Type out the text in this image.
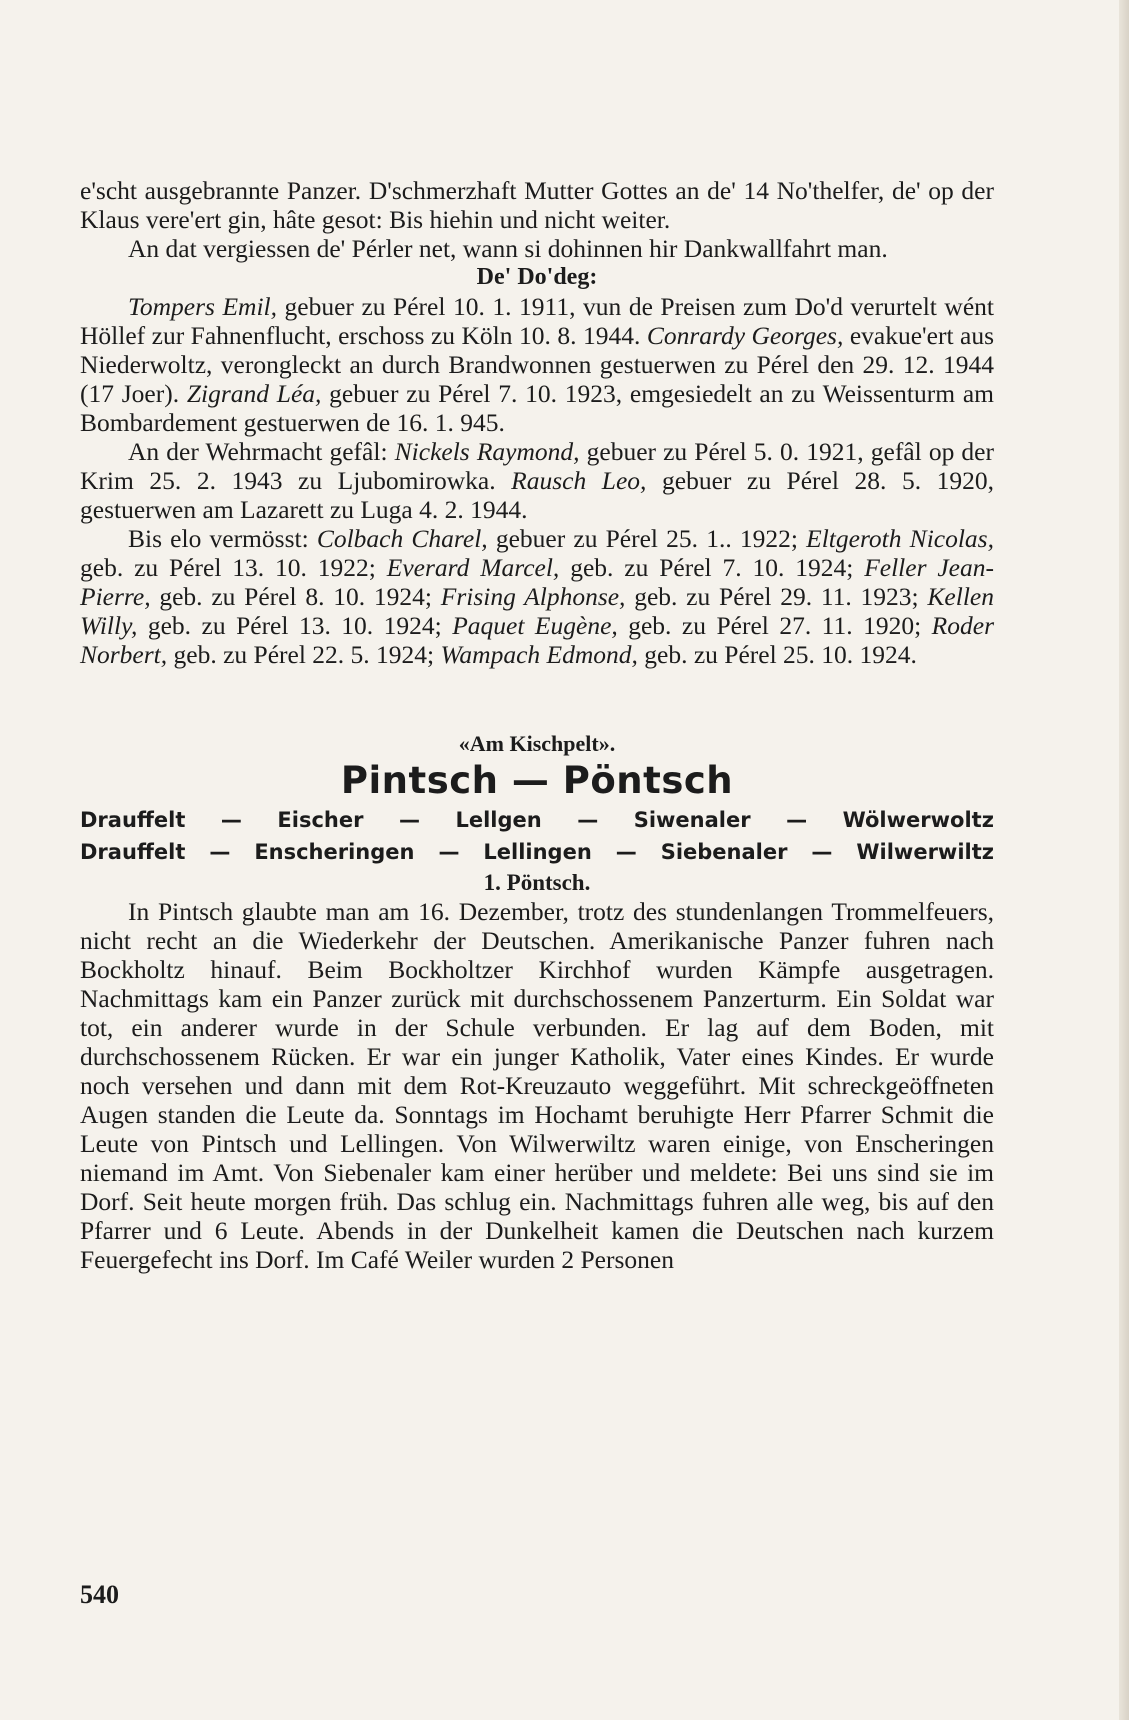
e'scht ausgebrannte Panzer. D'schmerzhaft Mutter Gottes an de' 14 No'thelfer, de' op der Klaus vere'ert gin, hâte gesot: Bis hiehin und nicht weiter.

An dat vergiessen de' Pérler net, wann si dohinnen hir Dankwallfahrt man.

De' Do'deg:

Tompers Emil, gebuer zu Pérel 10. 1. 1911, vun de Preisen zum Do'd verurtelt wént Höllef zur Fahnenflucht, erschoss zu Köln 10. 8. 1944. Conrardy Georges, evakue'ert aus Niederwoltz, verongleckt an durch Brandwonnen gestuerwen zu Pérel den 29. 12. 1944 (17 Joer). Zigrand Léa, gebuer zu Pérel 7. 10. 1923, emgesiedelt an zu Weissenturm am Bombardement gestuerwen de 16. 1. 945.

An der Wehrmacht gefâl: Nickels Raymond, gebuer zu Pérel 5. 0. 1921, gefâl op der Krim 25. 2. 1943 zu Ljubomirowka. Rausch Leo, gebuer zu Pérel 28. 5. 1920, gestuerwen am Lazarett zu Luga 4. 2. 1944.

Bis elo vermösst: Colbach Charel, gebuer zu Pérel 25. 1.. 1922; Eltgeroth Nicolas, geb. zu Pérel 13. 10. 1922; Everard Marcel, geb. zu Pérel 7. 10. 1924; Feller Jean-Pierre, geb. zu Pérel 8. 10. 1924; Frising Alphonse, geb. zu Pérel 29. 11. 1923; Kellen Willy, geb. zu Pérel 13. 10. 1924; Paquet Eugène, geb. zu Pérel 27. 11. 1920; Roder Norbert, geb. zu Pérel 22. 5. 1924; Wampach Edmond, geb. zu Pérel 25. 10. 1924.

«Am Kischpelt».

Pintsch — Pöntsch

Drauffelt — Eischer — Lellgen — Siwenaler — Wölwerwoltz
Drauffelt — Enscheringen — Lellingen — Siebenaler — Wilwerwiltz

1. Pöntsch.

In Pintsch glaubte man am 16. Dezember, trotz des stundenlangen Trommelfeuers, nicht recht an die Wiederkehr der Deutschen. Amerikanische Panzer fuhren nach Bockholtz hinauf. Beim Bockholtzer Kirchhof wurden Kämpfe ausgetragen. Nachmittags kam ein Panzer zurück mit durchschossenem Panzerturm. Ein Soldat war tot, ein anderer wurde in der Schule verbunden. Er lag auf dem Boden, mit durchschossenem Rücken. Er war ein junger Katholik, Vater eines Kindes. Er wurde noch versehen und dann mit dem Rot-Kreuzauto weggeführt. Mit schreckgeöffneten Augen standen die Leute da. Sonntags im Hochamt beruhigte Herr Pfarrer Schmit die Leute von Pintsch und Lellingen. Von Wilwerwiltz waren einige, von Enscheringen niemand im Amt. Von Siebenaler kam einer herüber und meldete: Bei uns sind sie im Dorf. Seit heute morgen früh. Das schlug ein. Nachmittags fuhren alle weg, bis auf den Pfarrer und 6 Leute. Abends in der Dunkelheit kamen die Deutschen nach kurzem Feuergefecht ins Dorf. Im Café Weiler wurden 2 Personen

540
